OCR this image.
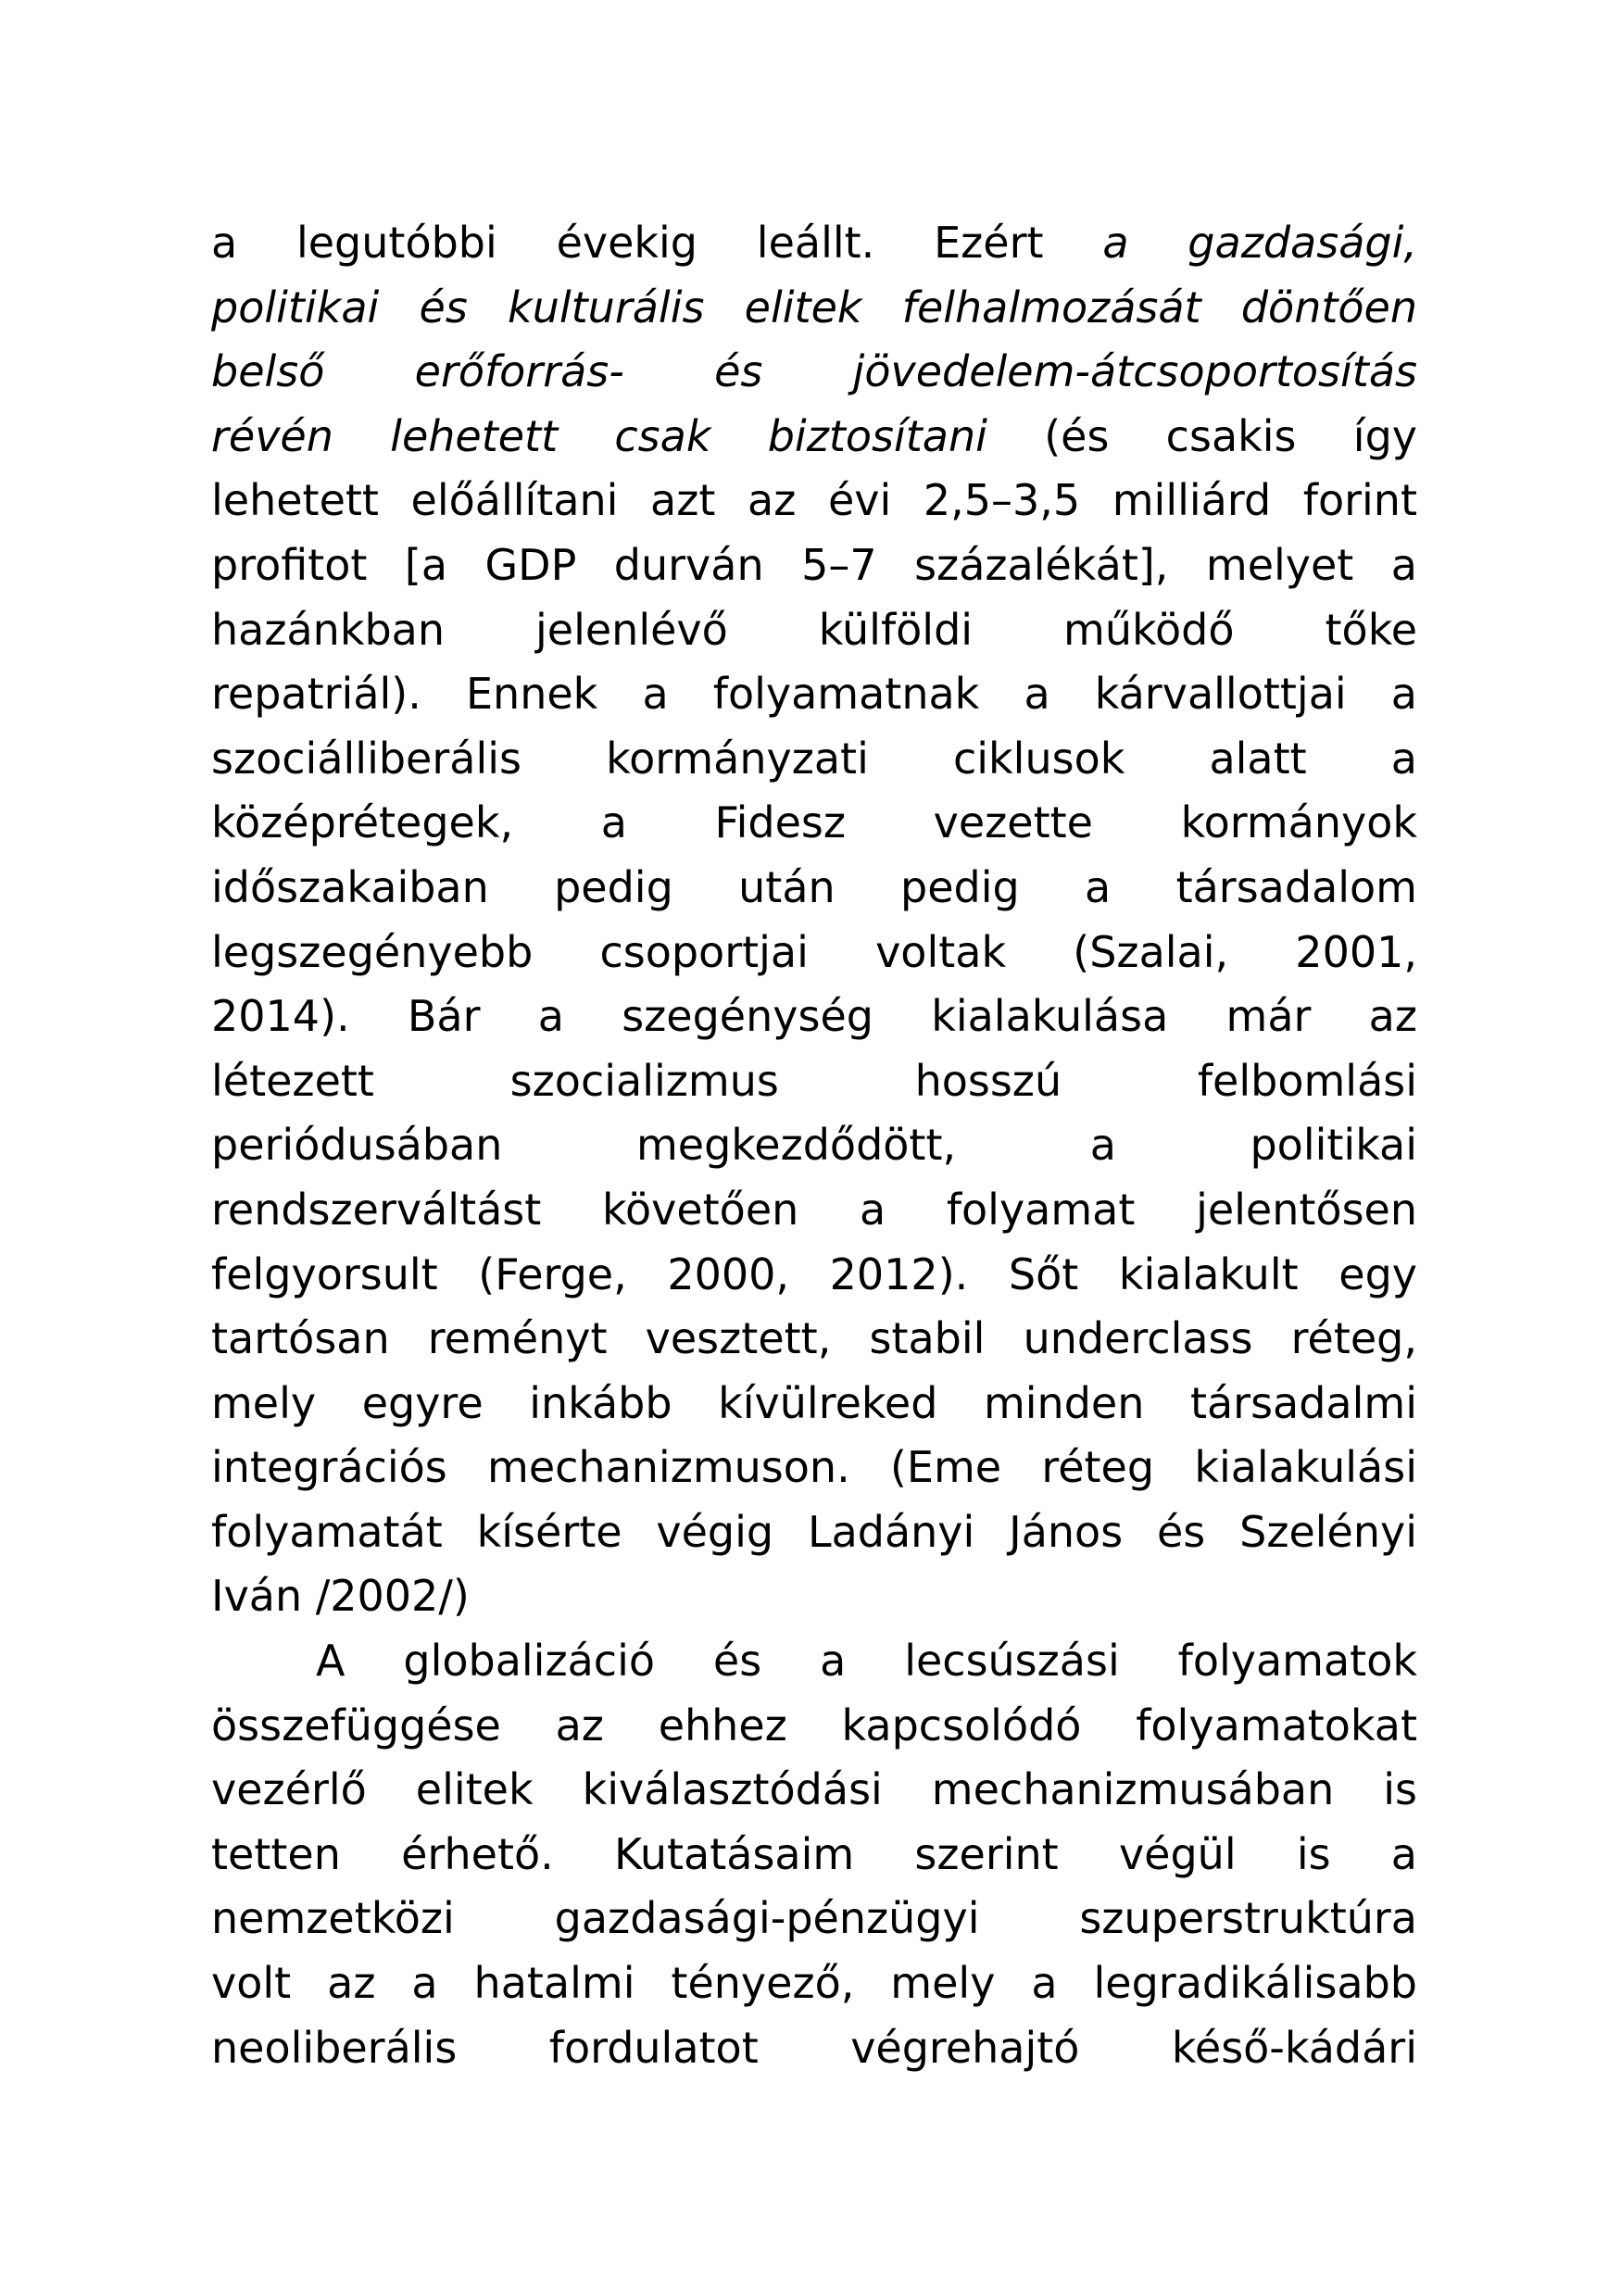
a legutóbbi évekig leállt. Ezért a gazdasági,
politikai és kulturális elitek felhalmozását döntően
belső erőforrás- és jövedelem-átcsoportosítás
révén lehetett csak biztosítani (és csakis így
lehetett előállítani azt az évi 2,5–3,5 milliárd forint
profitot [a GDP durván 5–7 százalékát], melyet a
hazánkban jelenlévő külföldi működő tőke
repatriál). Ennek a folyamatnak a kárvallottjai a
szociálliberális kormányzati ciklusok alatt a
középrétegek, a Fidesz vezette kormányok
időszakaiban pedig után pedig a társadalom
legszegényebb csoportjai voltak (Szalai, 2001,
2014). Bár a szegénység kialakulása már az
létezett szocializmus hosszú felbomlási
periódusában megkezdődött, a politikai
rendszerváltást követően a folyamat jelentősen
felgyorsult (Ferge, 2000, 2012). Sőt kialakult egy
tartósan reményt vesztett, stabil underclass réteg,
mely egyre inkább kívülreked minden társadalmi
integrációs mechanizmuson. (Eme réteg kialakulási
folyamatát kísérte végig Ladányi János és Szelényi
Iván /2002/)
A globalizáció és a lecsúszási folyamatok
összefüggése az ehhez kapcsolódó folyamatokat
vezérlő elitek kiválasztódási mechanizmusában is
tetten érhető. Kutatásaim szerint végül is a
nemzetközi gazdasági-pénzügyi szuperstruktúra
volt az a hatalmi tényező, mely a legradikálisabb
neoliberális fordulatot végrehajtó késő-kádári
